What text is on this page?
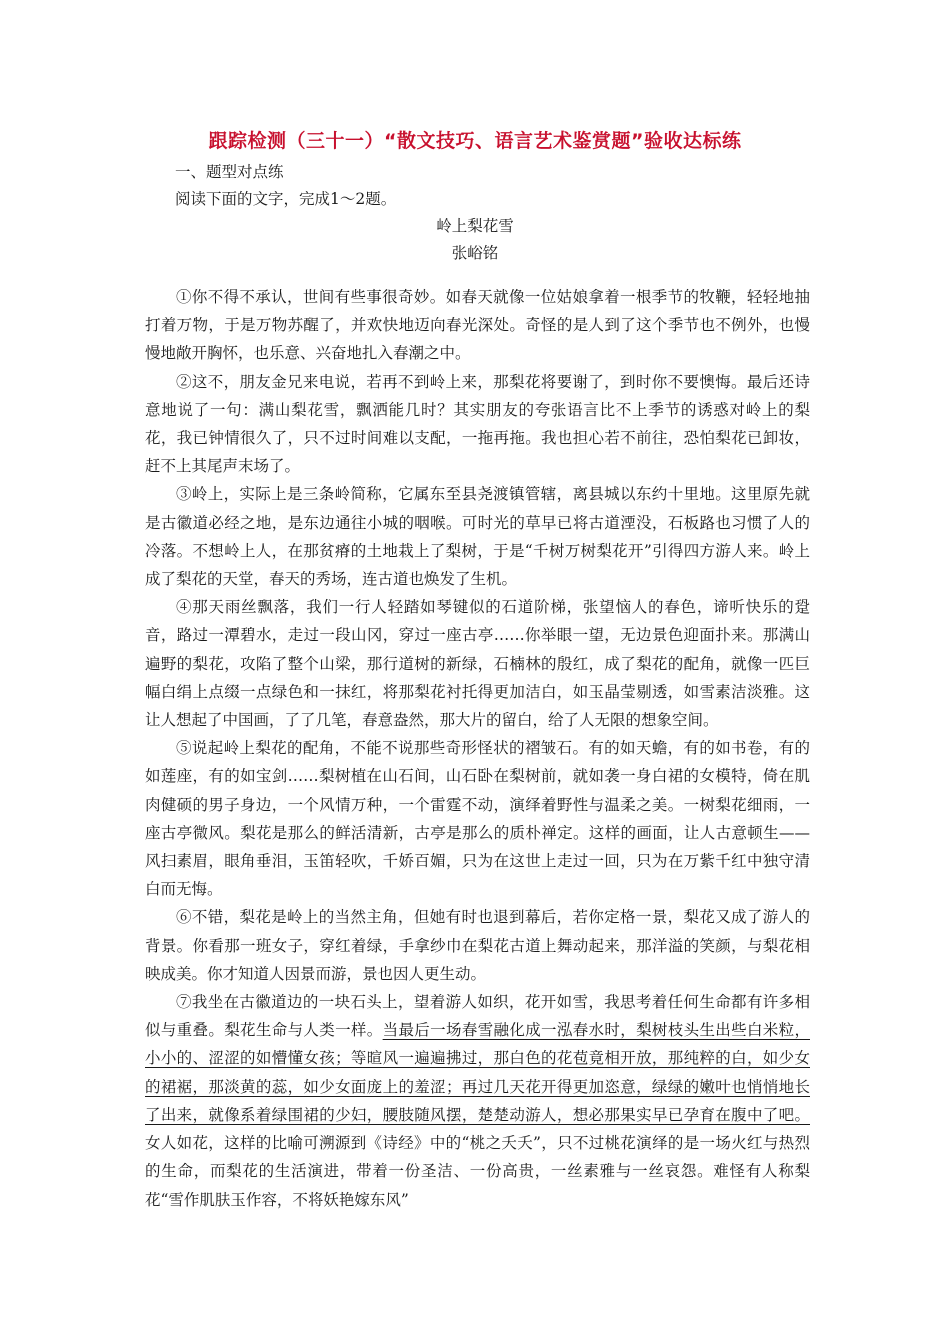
跟踪检测（三十一）“散文技巧、语言艺术鉴赏题”验收达标练
一、题型对点练
阅读下面的文字，完成1～2题。
岭上梨花雪
张峪铭

①你不得不承认，世间有些事很奇妙。如春天就像一位姑娘拿着一根季节的牧鞭，轻轻地抽打着万物，于是万物苏醒了，并欢快地迈向春光深处。奇怪的是人到了这个季节也不例外，也慢慢地敞开胸怀，也乐意、兴奋地扎入春潮之中。

②这不，朋友金兄来电说，若再不到岭上来，那梨花将要谢了，到时你不要懊悔。最后还诗意地说了一句：满山梨花雪，飘洒能几时？其实朋友的夸张语言比不上季节的诱惑对岭上的梨花，我已钟情很久了，只不过时间难以支配，一拖再拖。我也担心若不前往，恐怕梨花已卸妆，赶不上其尾声末场了。

③岭上，实际上是三条岭简称，它属东至县尧渡镇管辖，离县城以东约十里地。这里原先就是古徽道必经之地，是东边通往小城的咽喉。可时光的草早已将古道湮没，石板路也习惯了人的冷落。不想岭上人，在那贫瘠的土地栽上了梨树，于是“千树万树梨花开”引得四方游人来。岭上成了梨花的天堂，春天的秀场，连古道也焕发了生机。

④那天雨丝飘落，我们一行人轻踏如琴键似的石道阶梯，张望恼人的春色，谛听快乐的跫音，路过一潭碧水，走过一段山冈，穿过一座古亭……你举眼一望，无边景色迎面扑来。那满山遍野的梨花，攻陷了整个山梁，那行道树的新绿，石楠林的殷红，成了梨花的配角，就像一匹巨幅白绢上点缀一点绿色和一抹红，将那梨花衬托得更加洁白，如玉晶莹剔透，如雪素洁淡雅。这让人想起了中国画，了了几笔，春意盎然，那大片的留白，给了人无限的想象空间。

⑤说起岭上梨花的配角，不能不说那些奇形怪状的褶皱石。有的如天蟾，有的如书卷，有的如莲座，有的如宝剑……梨树植在山石间，山石卧在梨树前，就如袭一身白裙的女模特，倚在肌肉健硕的男子身边，一个风情万种，一个雷霆不动，演绎着野性与温柔之美。一树梨花细雨，一座古亭微风。梨花是那么的鲜活清新，古亭是那么的质朴禅定。这样的画面，让人古意顿生——风扫素眉，眼角垂泪，玉笛轻吹，千娇百媚，只为在这世上走过一回，只为在万紫千红中独守清白而无悔。

⑥不错，梨花是岭上的当然主角，但她有时也退到幕后，若你定格一景，梨花又成了游人的背景。你看那一班女子，穿红着绿，手拿纱巾在梨花古道上舞动起来，那洋溢的笑颜，与梨花相映成美。你才知道人因景而游，景也因人更生动。

⑦我坐在古徽道边的一块石头上，望着游人如织，花开如雪，我思考着任何生命都有许多相似与重叠。梨花生命与人类一样。当最后一场春雪融化成一泓春水时，梨树枝头生出些白米粒，小小的、涩涩的如懵懂女孩；等暄风一遍遍拂过，那白色的花苞竟相开放，那纯粹的白，如少女的裙裾，那淡黄的蕊，如少女面庞上的羞涩；再过几天花开得更加恣意，绿绿的嫩叶也悄悄地长了出来，就像系着绿围裙的少妇，腰肢随风摆，楚楚动游人，想必那果实早已孕育在腹中了吧。女人如花，这样的比喻可溯源到《诗经》中的“桃之夭夭”，只不过桃花演绎的是一场火红与热烈的生命，而梨花的生活演进，带着一份圣洁、一份高贵，一丝素雅与一丝哀怨。难怪有人称梨花“雪作肌肤玉作容，不将妖艳嫁东风”
